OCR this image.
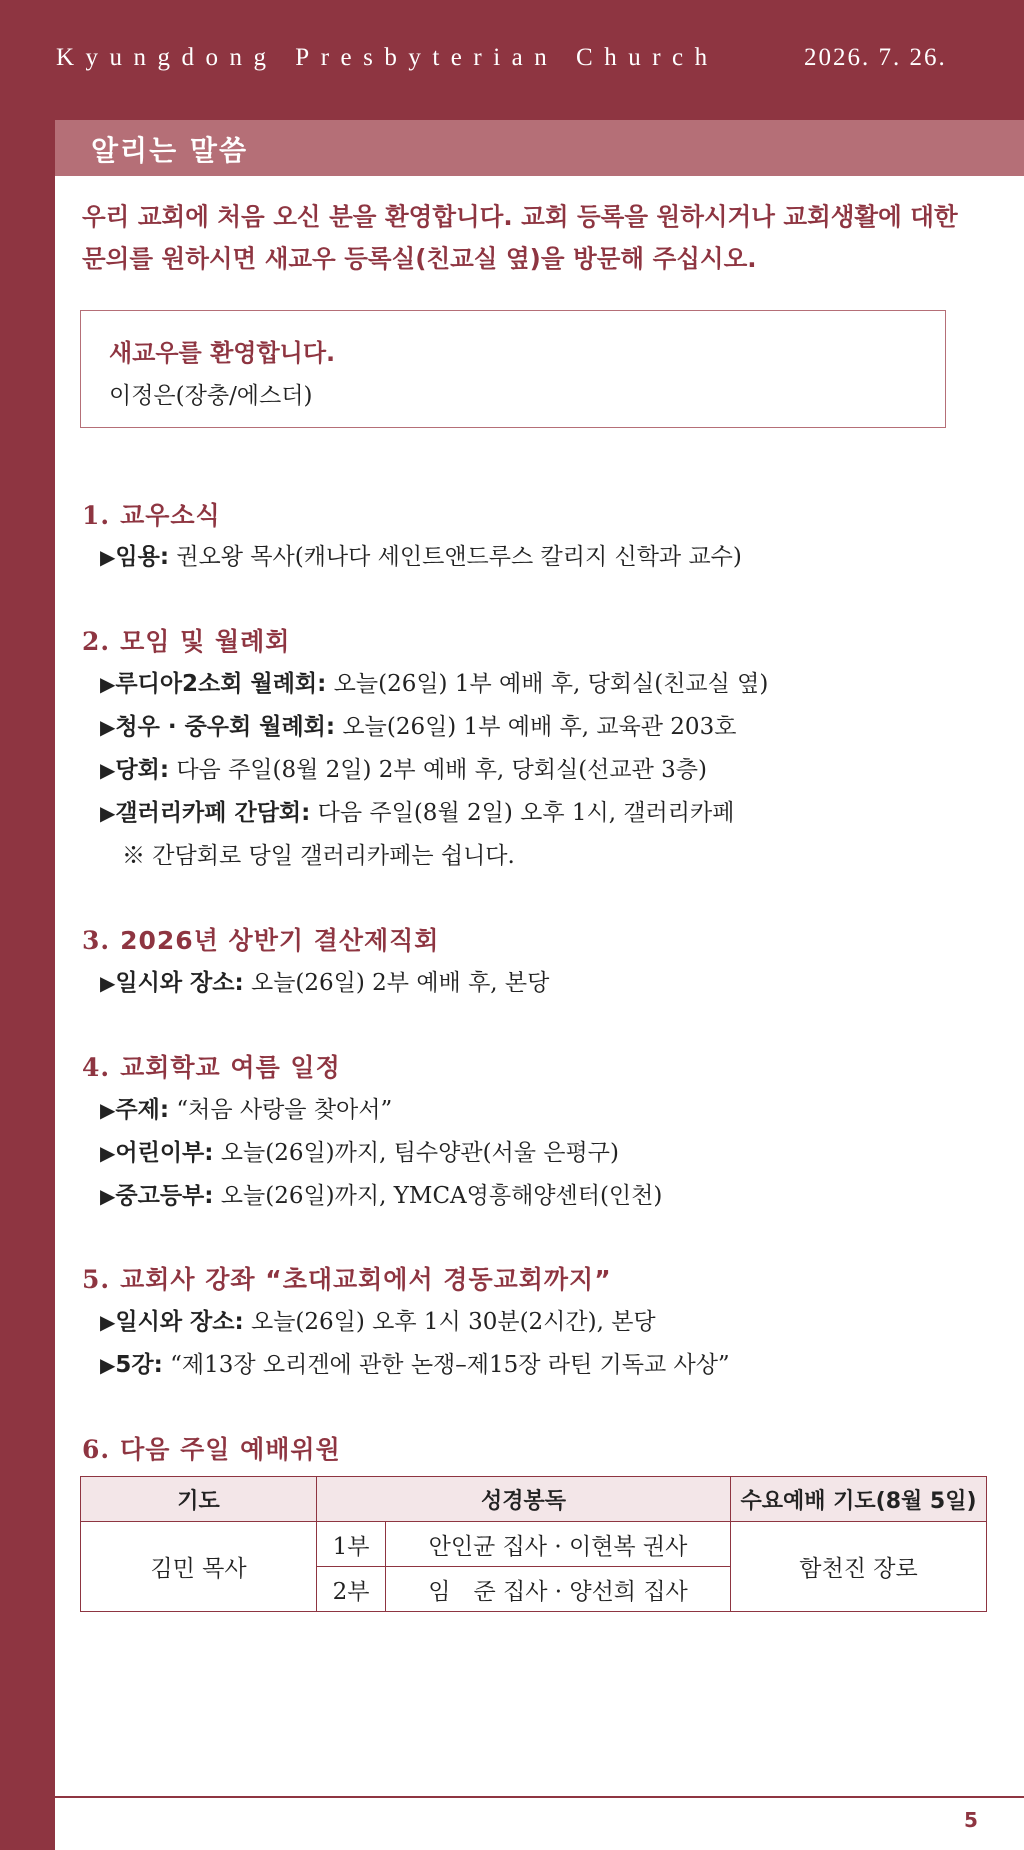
Kyungdong Presbyterian Church	2026. 7. 26.
알리는 말씀
우리 교회에 처음 오신 분을 환영합니다. 교회 등록을 원하시거나 교회생활에 대한
문의를 원하시면 새교우 등록실(친교실 옆)을 방문해 주십시오.
새교우를 환영합니다.
이정은(장충/에스더)
1. 교우소식
▶임용: 권오왕 목사(캐나다 세인트앤드루스 칼리지 신학과 교수)
2. 모임 및 월례회
▶루디아2소회 월례회: 오늘(26일) 1부 예배 후, 당회실(친교실 옆)
▶청우 · 중우회 월례회: 오늘(26일) 1부 예배 후, 교육관 203호
▶당회: 다음 주일(8월 2일) 2부 예배 후, 당회실(선교관 3층)
▶갤러리카페 간담회: 다음 주일(8월 2일) 오후 1시, 갤러리카페
※ 간담회로 당일 갤러리카페는 쉽니다.
3. 2026년 상반기 결산제직회
▶일시와 장소: 오늘(26일) 2부 예배 후, 본당
4. 교회학교 여름 일정
▶주제: “처음 사랑을 찾아서”
▶어린이부: 오늘(26일)까지, 팀수양관(서울 은평구)
▶중고등부: 오늘(26일)까지, YMCA영흥해양센터(인천)
5. 교회사 강좌 “초대교회에서 경동교회까지”
▶일시와 장소: 오늘(26일) 오후 1시 30분(2시간), 본당
▶5강: “제13장 오리겐에 관한 논쟁–제15장 라틴 기독교 사상”
6. 다음 주일 예배위원
기도	성경봉독		수요예배 기도(8월 5일)
김민 목사	1부	안인균 집사 · 이현복 권사	함천진 장로
	2부	임　준 집사 · 양선희 집사	
5
